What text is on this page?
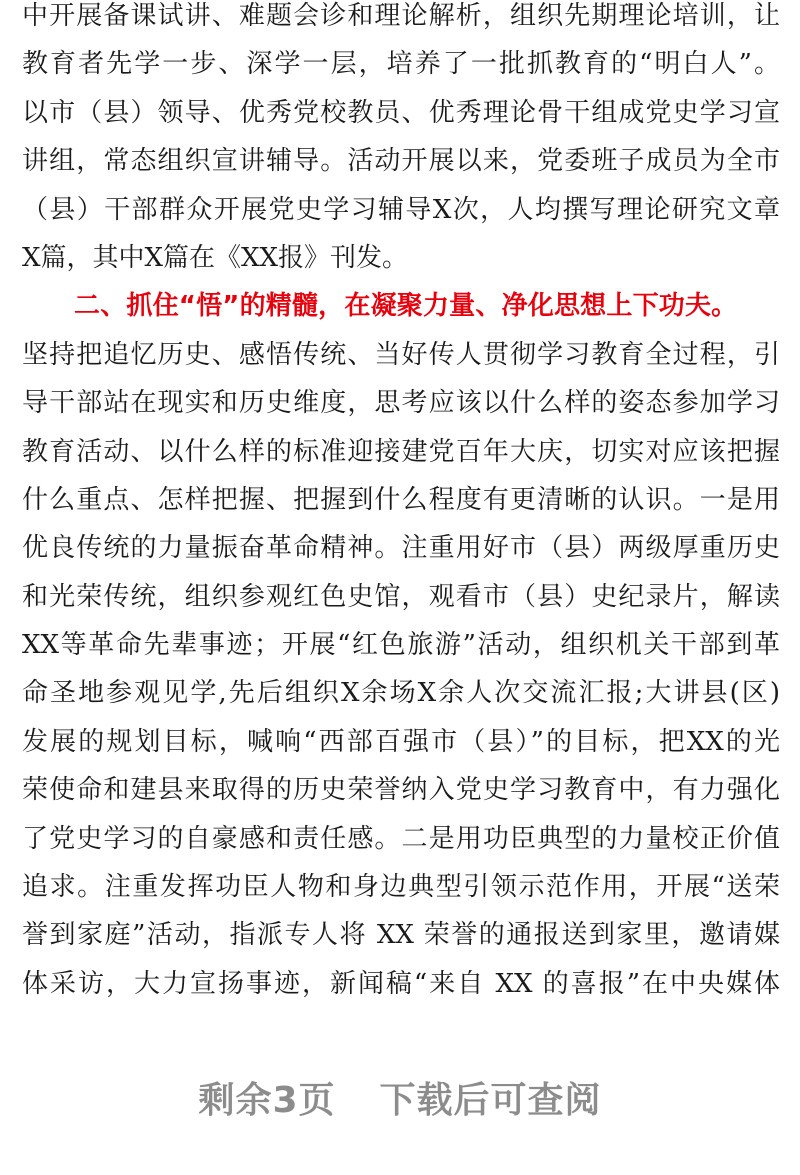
中开展备课试讲、难题会诊和理论解析，组织先期理论培训，让
教育者先学一步、深学一层，培养了一批抓教育的“明白人”。
以市（县）领导、优秀党校教员、优秀理论骨干组成党史学习宣
讲组，常态组织宣讲辅导。活动开展以来，党委班子成员为全市
（县）干部群众开展党史学习辅导X次，人均撰写理论研究文章
X篇，其中X篇在《XX报》刊发。
二、抓住“悟”的精髓，在凝聚力量、净化思想上下功夫。
坚持把追忆历史、感悟传统、当好传人贯彻学习教育全过程，引
导干部站在现实和历史维度，思考应该以什么样的姿态参加学习
教育活动、以什么样的标准迎接建党百年大庆，切实对应该把握
什么重点、怎样把握、把握到什么程度有更清晰的认识。一是用
优良传统的力量振奋革命精神。注重用好市（县）两级厚重历史
和光荣传统，组织参观红色史馆，观看市（县）史纪录片，解读
XX等革命先辈事迹；开展“红色旅游”活动，组织机关干部到革
命圣地参观见学,先后组织X余场X余人次交流汇报;大讲县(区)
发展的规划目标，喊响“西部百强市（县）”的目标，把XX的光
荣使命和建县来取得的历史荣誉纳入党史学习教育中，有力强化
了党史学习的自豪感和责任感。二是用功臣典型的力量校正价值
追求。注重发挥功臣人物和身边典型引领示范作用，开展“送荣
誉到家庭”活动，指派专人将 XX 荣誉的通报送到家里，邀请媒
体采访，大力宣扬事迹，新闻稿“来自 XX 的喜报”在中央媒体
剩余3页 下载后可查阅
